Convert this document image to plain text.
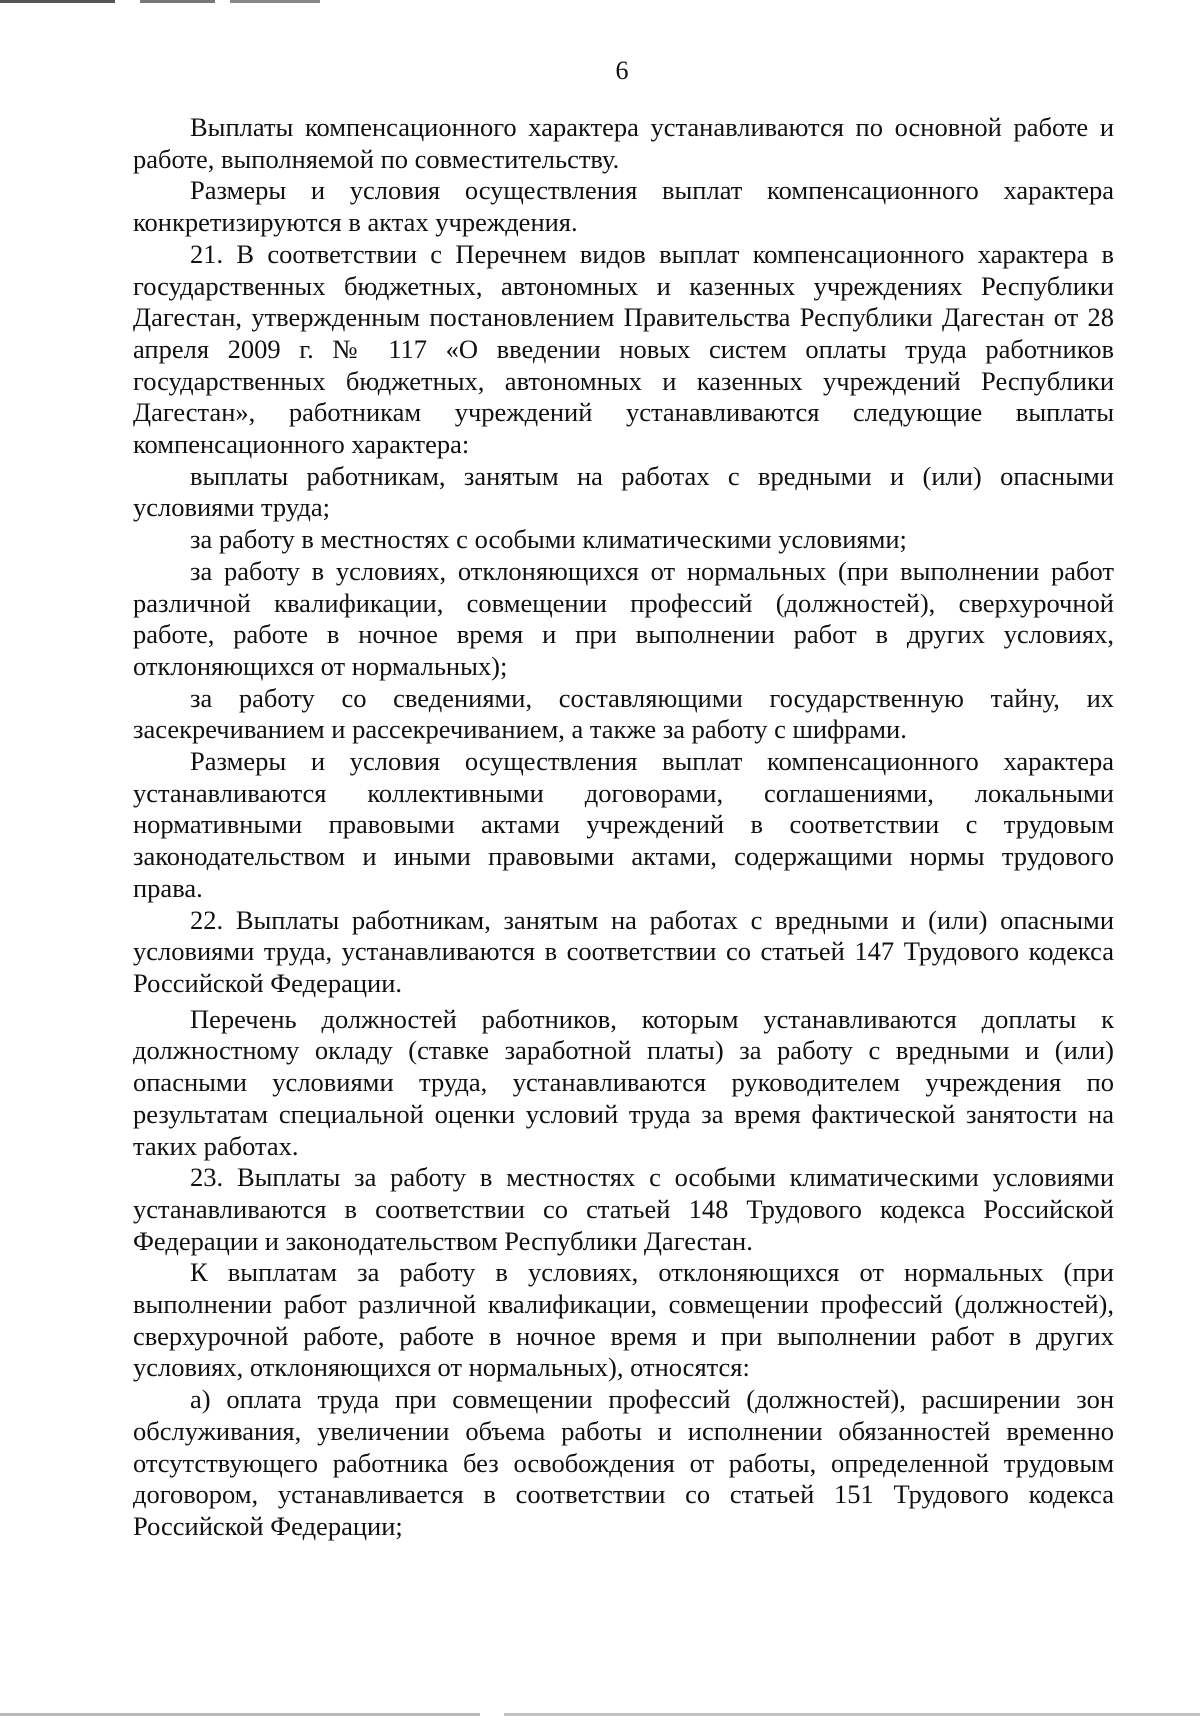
6

Выплаты компенсационного характера устанавливаются по основной работе и работе, выполняемой по совместительству.

Размеры и условия осуществления выплат компенсационного характера конкретизируются в актах учреждения.

21. В соответствии с Перечнем видов выплат компенсационного характера в государственных бюджетных, автономных и казенных учреждениях Республики Дагестан, утвержденным постановлением Правительства Республики Дагестан от 28 апреля 2009 г. № 117 «О введении новых систем оплаты труда работников государственных бюджетных, автономных и казенных учреждений Республики Дагестан», работникам учреждений устанавливаются следующие выплаты компенсационного характера:

выплаты работникам, занятым на работах с вредными и (или) опасными условиями труда;

за работу в местностях с особыми климатическими условиями;

за работу в условиях, отклоняющихся от нормальных (при выполнении работ различной квалификации, совмещении профессий (должностей), сверхурочной работе, работе в ночное время и при выполнении работ в других условиях, отклоняющихся от нормальных);

за работу со сведениями, составляющими государственную тайну, их засекречиванием и рассекречиванием, а также за работу с шифрами.

Размеры и условия осуществления выплат компенсационного характера устанавливаются коллективными договорами, соглашениями, локальными нормативными правовыми актами учреждений в соответствии с трудовым законодательством и иными правовыми актами, содержащими нормы трудового права.

22. Выплаты работникам, занятым на работах с вредными и (или) опасными условиями труда, устанавливаются в соответствии со статьей 147 Трудового кодекса Российской Федерации.

Перечень должностей работников, которым устанавливаются доплаты к должностному окладу (ставке заработной платы) за работу с вредными и (или) опасными условиями труда, устанавливаются руководителем учреждения по результатам специальной оценки условий труда за время фактической занятости на таких работах.

23. Выплаты за работу в местностях с особыми климатическими условиями устанавливаются в соответствии со статьей 148 Трудового кодекса Российской Федерации и законодательством Республики Дагестан.

К выплатам за работу в условиях, отклоняющихся от нормальных (при выполнении работ различной квалификации, совмещении профессий (должностей), сверхурочной работе, работе в ночное время и при выполнении работ в других условиях, отклоняющихся от нормальных), относятся:

а) оплата труда при совмещении профессий (должностей), расширении зон обслуживания, увеличении объема работы и исполнении обязанностей временно отсутствующего работника без освобождения от работы, определенной трудовым договором, устанавливается в соответствии со статьей 151 Трудового кодекса Российской Федерации;
